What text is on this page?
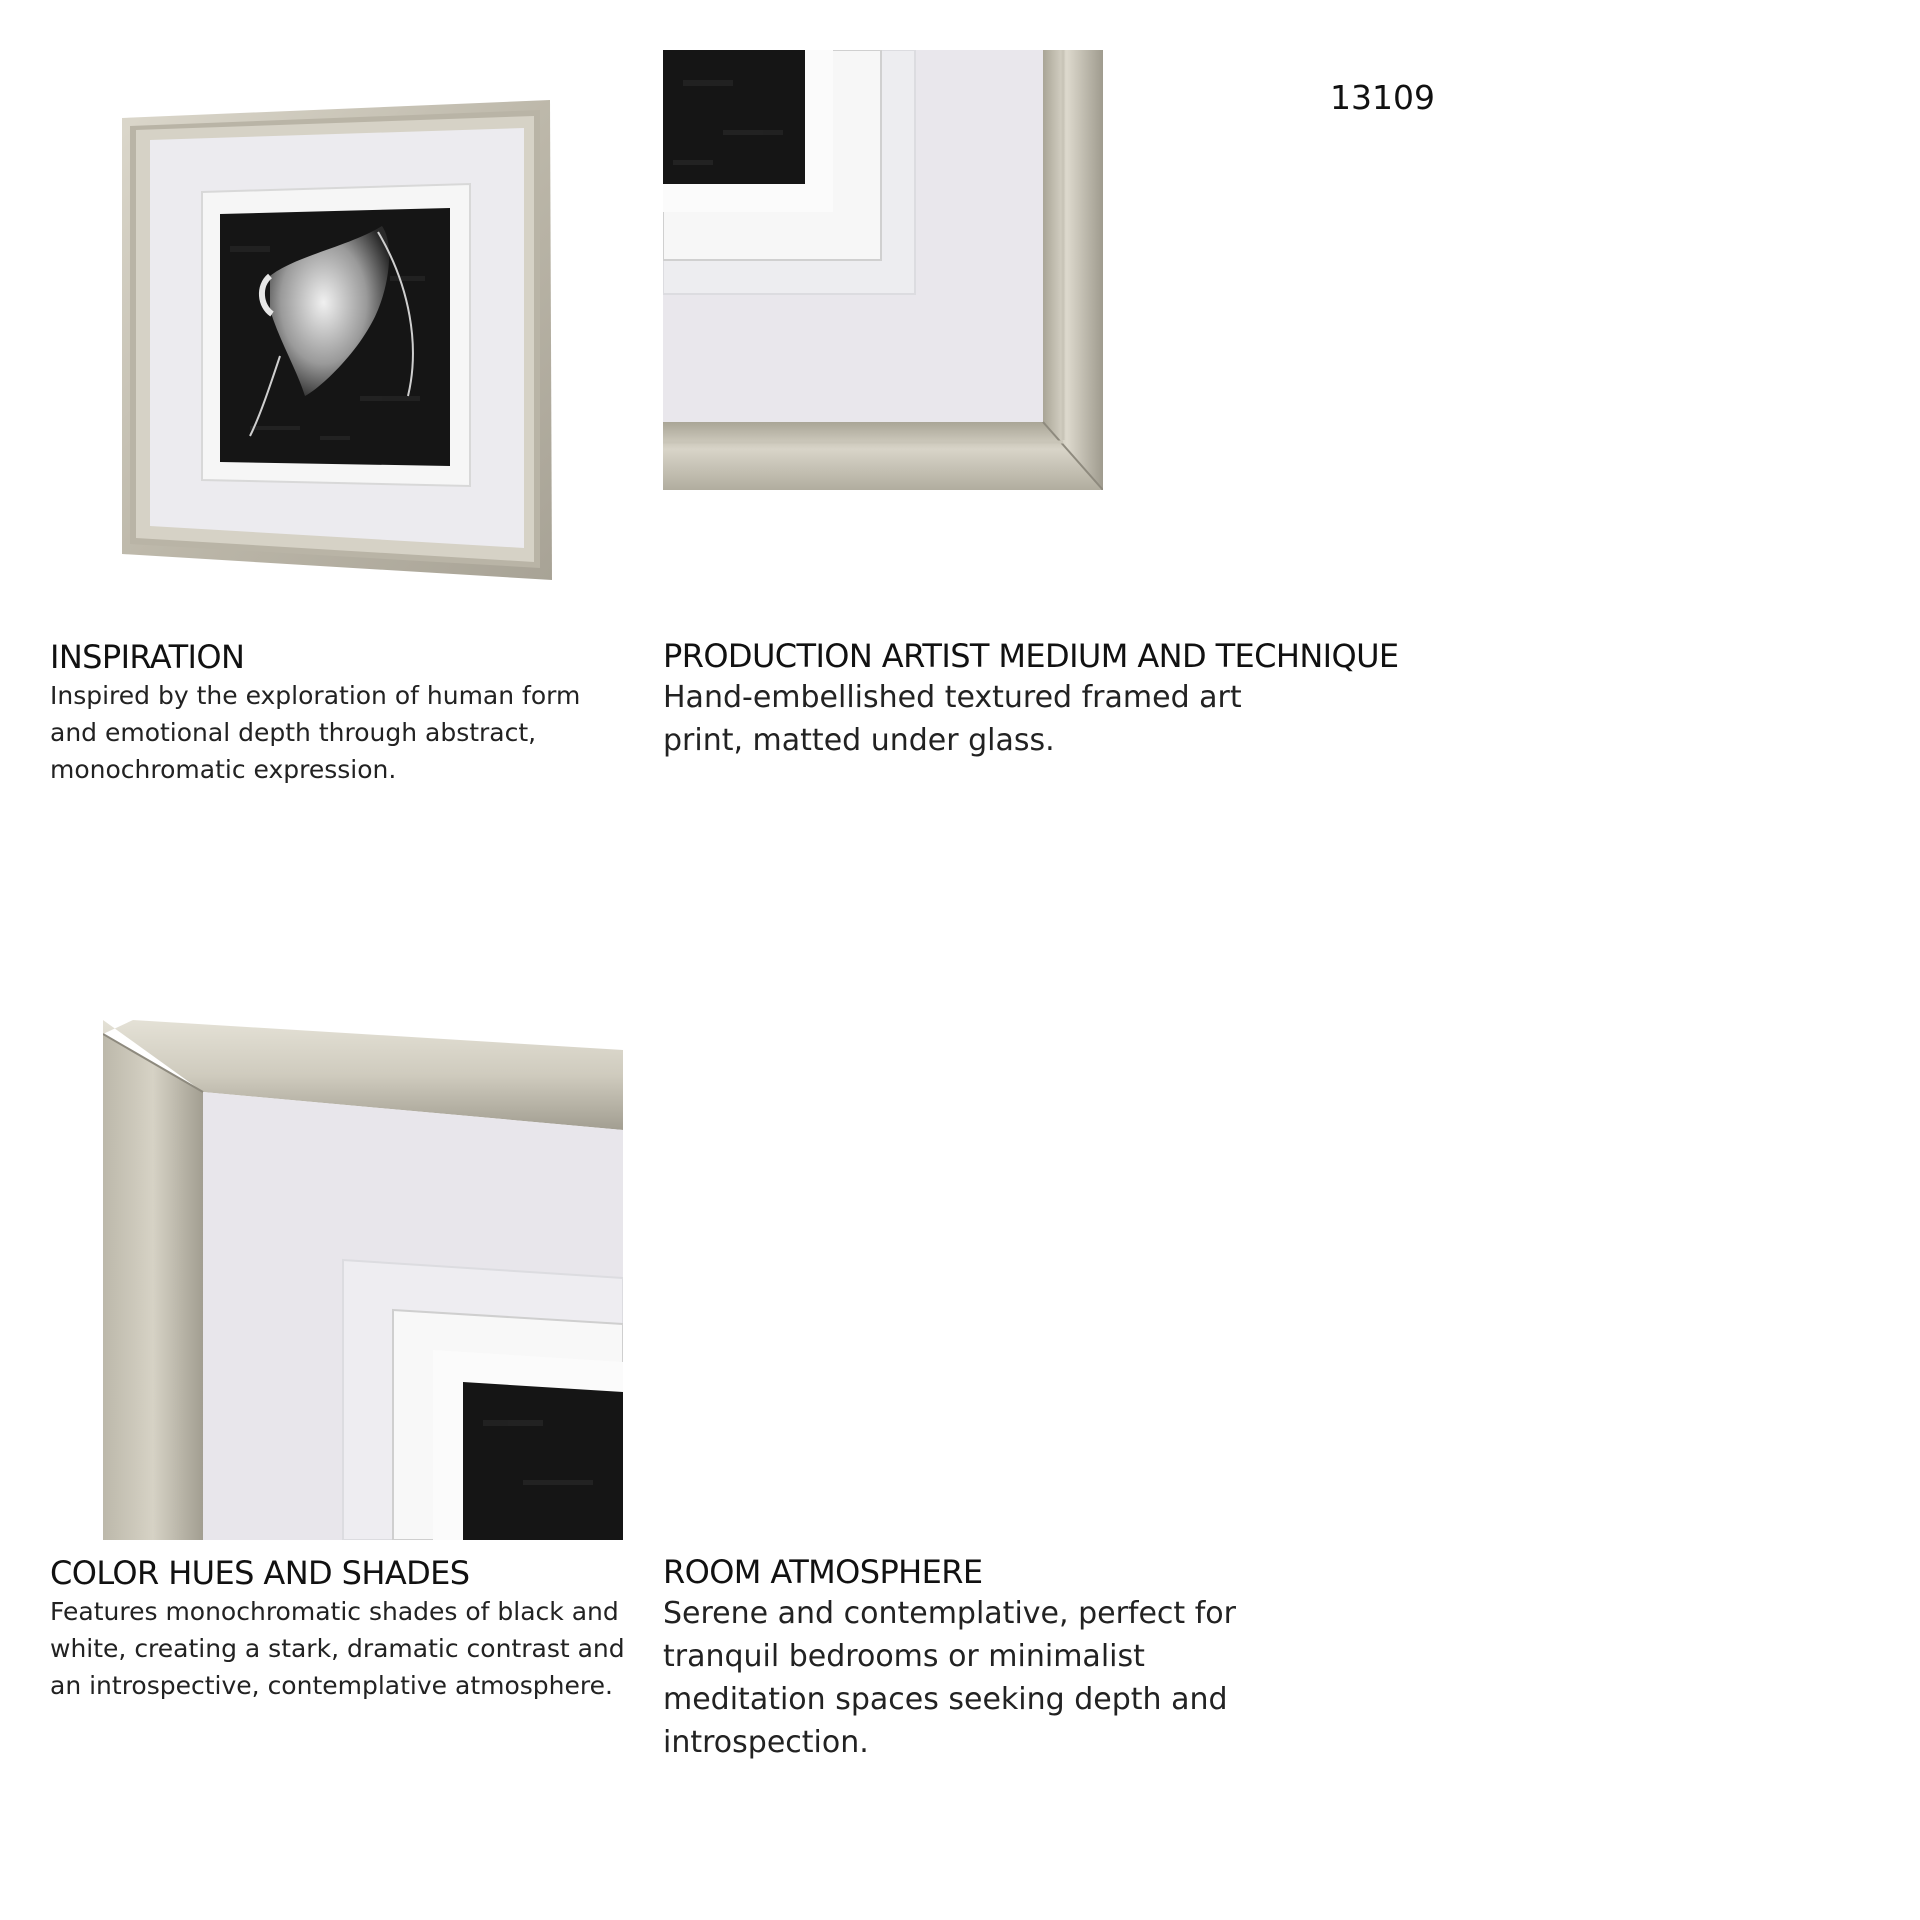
13109
INSPIRATION

Inspired by the exploration of human form and emotional depth through abstract, monochromatic expression.

PRODUCTION ARTIST MEDIUM AND TECHNIQUE

Hand-embellished textured framed art print, matted under glass.

COLOR HUES AND SHADES

Features monochromatic shades of black and white, creating a stark, dramatic contrast and an introspective, contemplative atmosphere.

ROOM ATMOSPHERE

Serene and contemplative, perfect for tranquil bedrooms or minimalist meditation spaces seeking depth and introspection.
